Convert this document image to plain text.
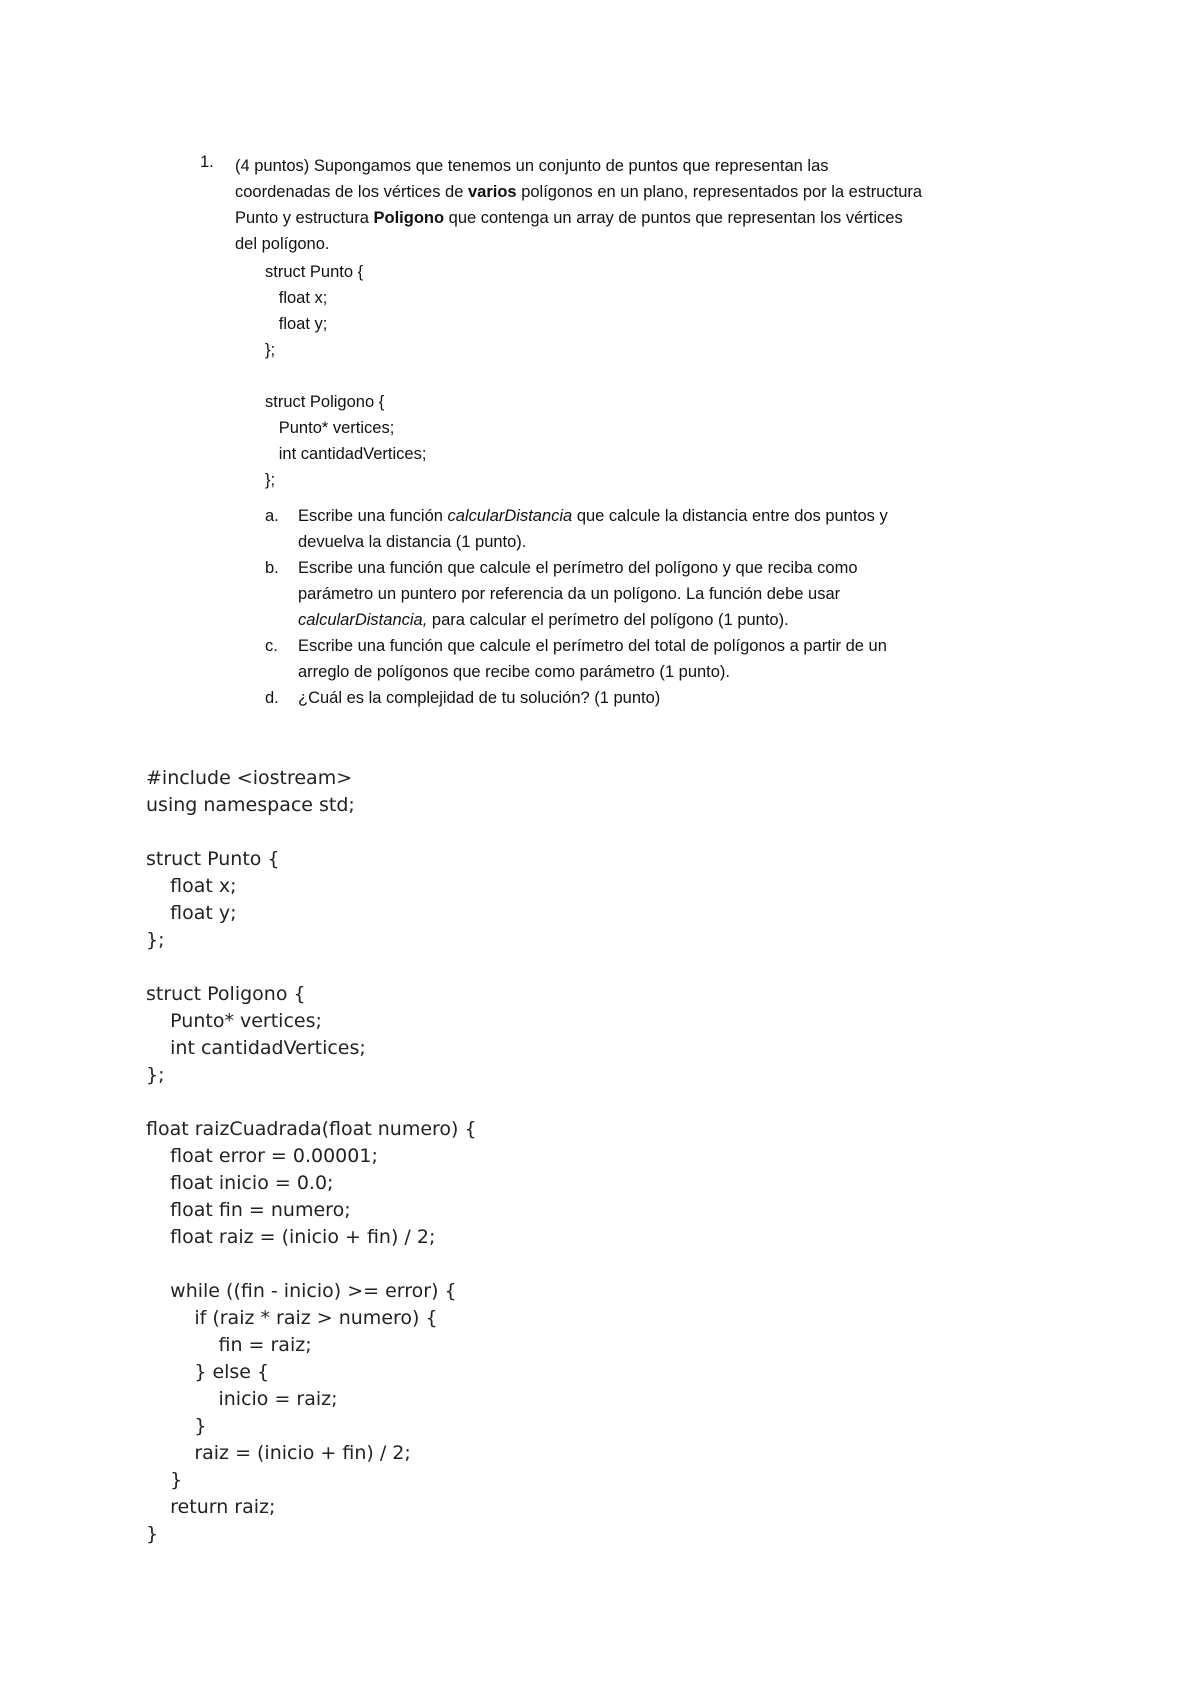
1.	(4 puntos) Supongamos que tenemos un conjunto de puntos que representan las

coordenadas de los vértices de varios polígonos en un plano, representados por la estructura

Punto y estructura Poligono que contenga un array de puntos que representan los vértices

del polígono.

struct Punto {
float x;
float y;
};
struct Poligono {
Punto* vertices;
int cantidadVertices;
};
a.	Escribe una función calcularDistancia que calcule la distancia entre dos puntos y

devuelva la distancia (1 punto).

b.	Escribe una función que calcule el perímetro del polígono y que reciba como

parámetro un puntero por referencia da un polígono. La función debe usar

calcularDistancia, para calcular el perímetro del polígono (1 punto).

c.	Escribe una función que calcule el perímetro del total de polígonos a partir de un

arreglo de polígonos que recibe como parámetro (1 punto).

d.	¿Cuál es la complejidad de tu solución? (1 punto)

#include <iostream>
using namespace std;
struct Punto {
float x;
float y;
};
struct Poligono {
Punto* vertices;
int cantidadVertices;
};
float raizCuadrada(float numero) {
float error = 0.00001;
float inicio = 0.0;
float fin = numero;
float raiz = (inicio + fin) / 2;
while ((fin - inicio) >= error) {
if (raiz * raiz > numero) {
fin = raiz;
} else {
inicio = raiz;
}
raiz = (inicio + fin) / 2;
}
return raiz;
}
